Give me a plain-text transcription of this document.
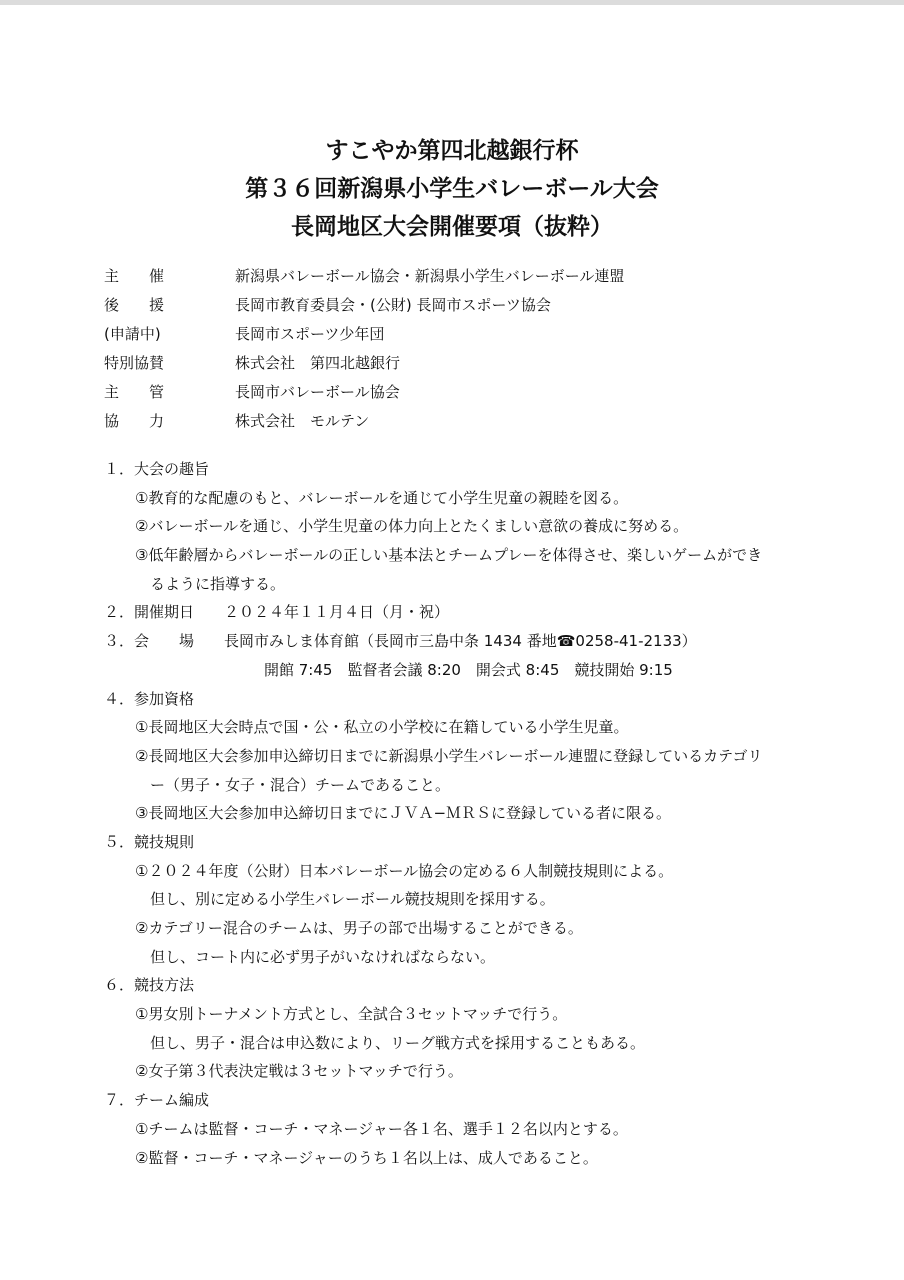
すこやか第四北越銀行杯
第３６回新潟県小学生バレーボール大会
長岡地区大会開催要項（抜粋）
主　　催	新潟県バレーボール協会・新潟県小学生バレーボール連盟
後　　援	長岡市教育委員会・(公財) 長岡市スポーツ協会
(申請中)	長岡市スポーツ少年団
特別協賛	株式会社　第四北越銀行
主　　管	長岡市バレーボール協会
協　　力	株式会社　モルテン
１．大会の趣旨
①教育的な配慮のもと、バレーボールを通じて小学生児童の親睦を図る。
②バレーボールを通じ、小学生児童の体力向上とたくましい意欲の養成に努める。
③低年齢層からバレーボールの正しい基本法とチームプレーを体得させ、楽しいゲームができ
るように指導する。
２．開催期日　　２０２４年１１月４日（月・祝）
３．会　　場　　長岡市みしま体育館（長岡市三島中条 1434 番地☎0258-41-2133）
開館 7:45　監督者会議 8:20　開会式 8:45　競技開始 9:15
４．参加資格
①長岡地区大会時点で国・公・私立の小学校に在籍している小学生児童。
②長岡地区大会参加申込締切日までに新潟県小学生バレーボール連盟に登録しているカテゴリ
ー（男子・女子・混合）チームであること。
③長岡地区大会参加申込締切日までにＪＶＡ−ＭＲＳに登録している者に限る。
５．競技規則
①２０２４年度（公財）日本バレーボール協会の定める６人制競技規則による。
但し、別に定める小学生バレーボール競技規則を採用する。
②カテゴリー混合のチームは、男子の部で出場することができる。
但し、コート内に必ず男子がいなければならない。
６．競技方法
①男女別トーナメント方式とし、全試合３セットマッチで行う。
但し、男子・混合は申込数により、リーグ戦方式を採用することもある。
②女子第３代表決定戦は３セットマッチで行う。
７．チーム編成
①チームは監督・コーチ・マネージャー各１名、選手１２名以内とする。
②監督・コーチ・マネージャーのうち１名以上は、成人であること。
